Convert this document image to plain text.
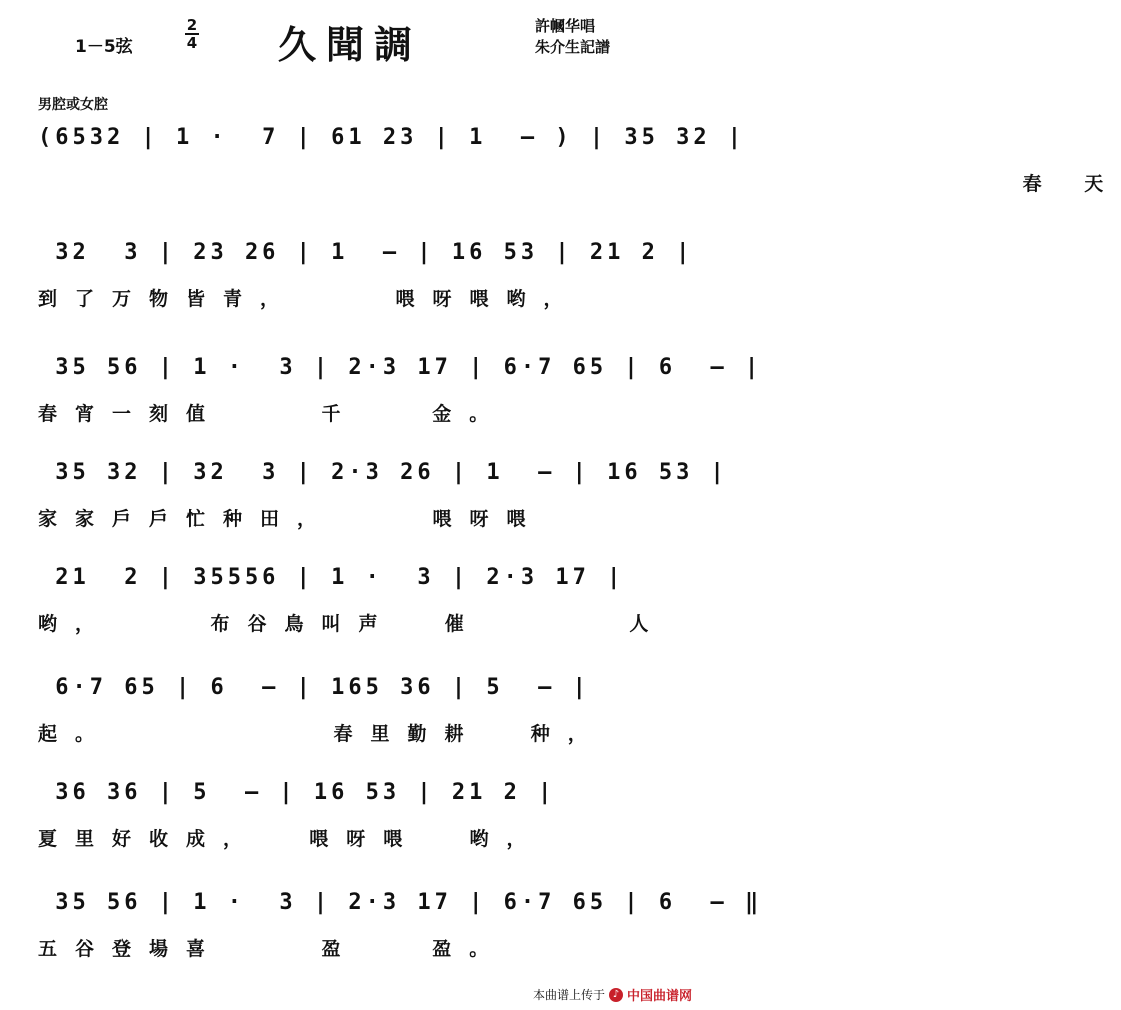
1－5弦
2
4 久聞調	許幗华唱
朱介生記譜
男腔或女腔
(6532 | 1 ·  7 | 61 23 | 1  – ) | 35 32 |
春 天
32  3 | 23 26 | 1  – | 16 53 | 21 2 |
到了万物皆青，    喂呀喂哟，
35 56 | 1 ·  3 | 2·3 17 | 6·7 65 | 6  – |
春宵一刻值    千   金。
35 32 | 32  3 | 2·3 26 | 1  – | 16 53 |
家家戶戶忙种田，    喂呀喂
21  2 | 35556 | 1 ·  3 | 2·3 17 |
哟，    布谷鳥叫声  催      人
6·7 65 | 6  – | 165 36 | 5  – |
起。         春里勤耕  种，
36 36 | 5  – | 16 53 | 21 2 |
夏里好收成，  喂呀喂  哟，
35 56 | 1 ·  3 | 2·3 17 | 6·7 65 | 6  – ‖
五谷登場喜    盈   盈。
本曲谱上传于 ♪ 中国曲谱网
